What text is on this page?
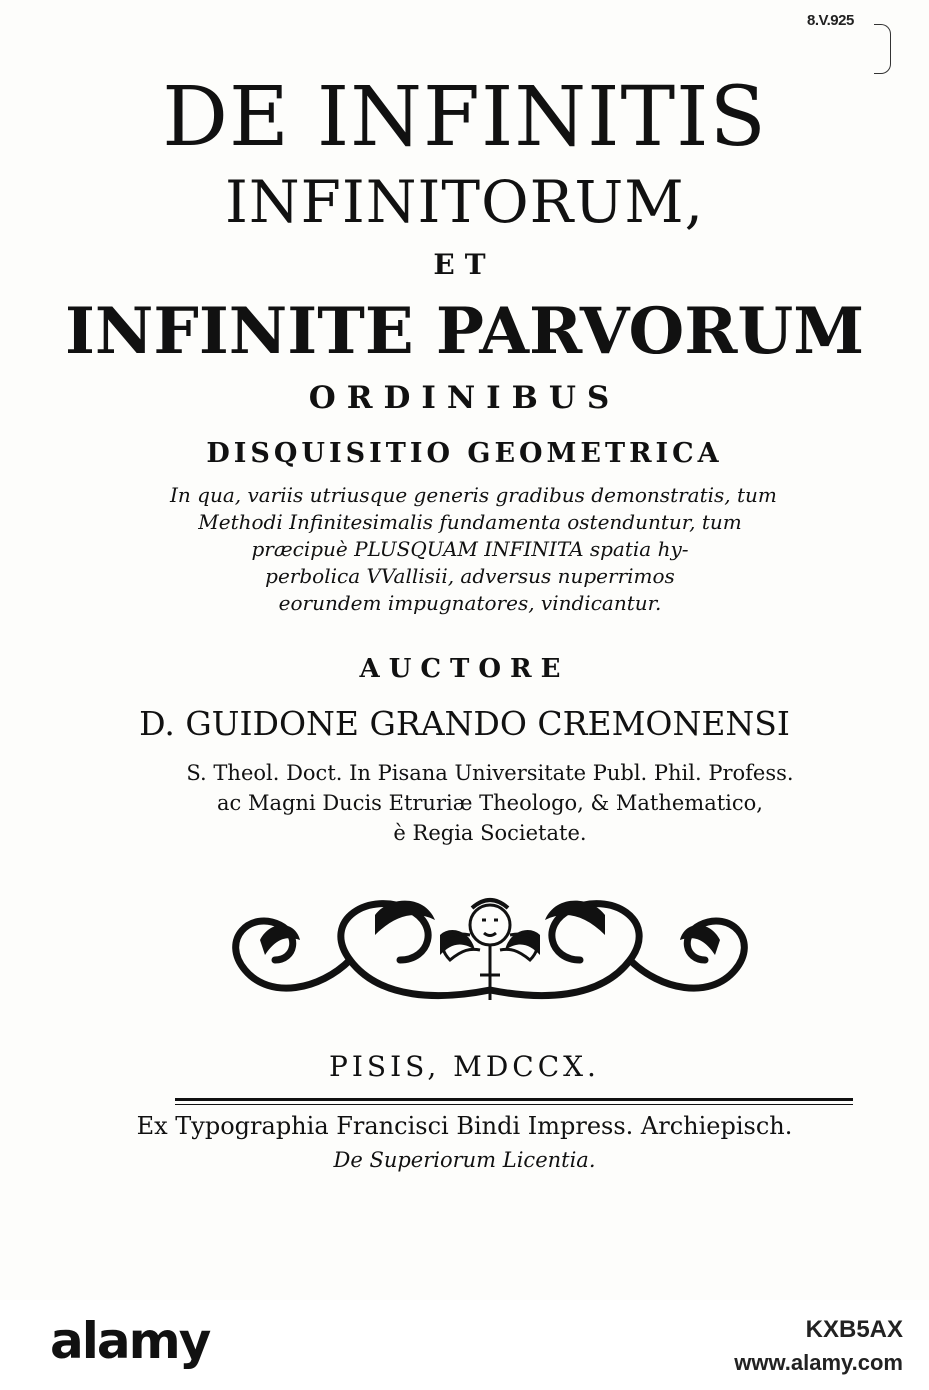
8.V.925
DE INFINITIS
INFINITORUM,
ET
INFINITE PARVORUM
ORDINIBUS
DISQUISITIO GEOMETRICA
In qua, variis utriusque generis gradibus demonstratis, tum
Methodi Infinitesimalis fundamenta ostenduntur, tum
præcipuè PLUSQUAM INFINITA spatia hy-
perbolica VVallisii, adversus nuperrimos
eorundem impugnatores, vindicantur.
AUCTORE
D. GUIDONE GRANDO CREMONENSI
S. Theol. Doct. In Pisana Universitate Publ. Phil. Profess.
ac Magni Ducis Etruriæ Theologo, & Mathematico,
è Regia Societate.
PISIS, MDCCX.
Ex Typographia Francisci Bindi Impress. Archiepisch.
De Superiorum Licentia.
alamy	KXB5AX
www.alamy.com
